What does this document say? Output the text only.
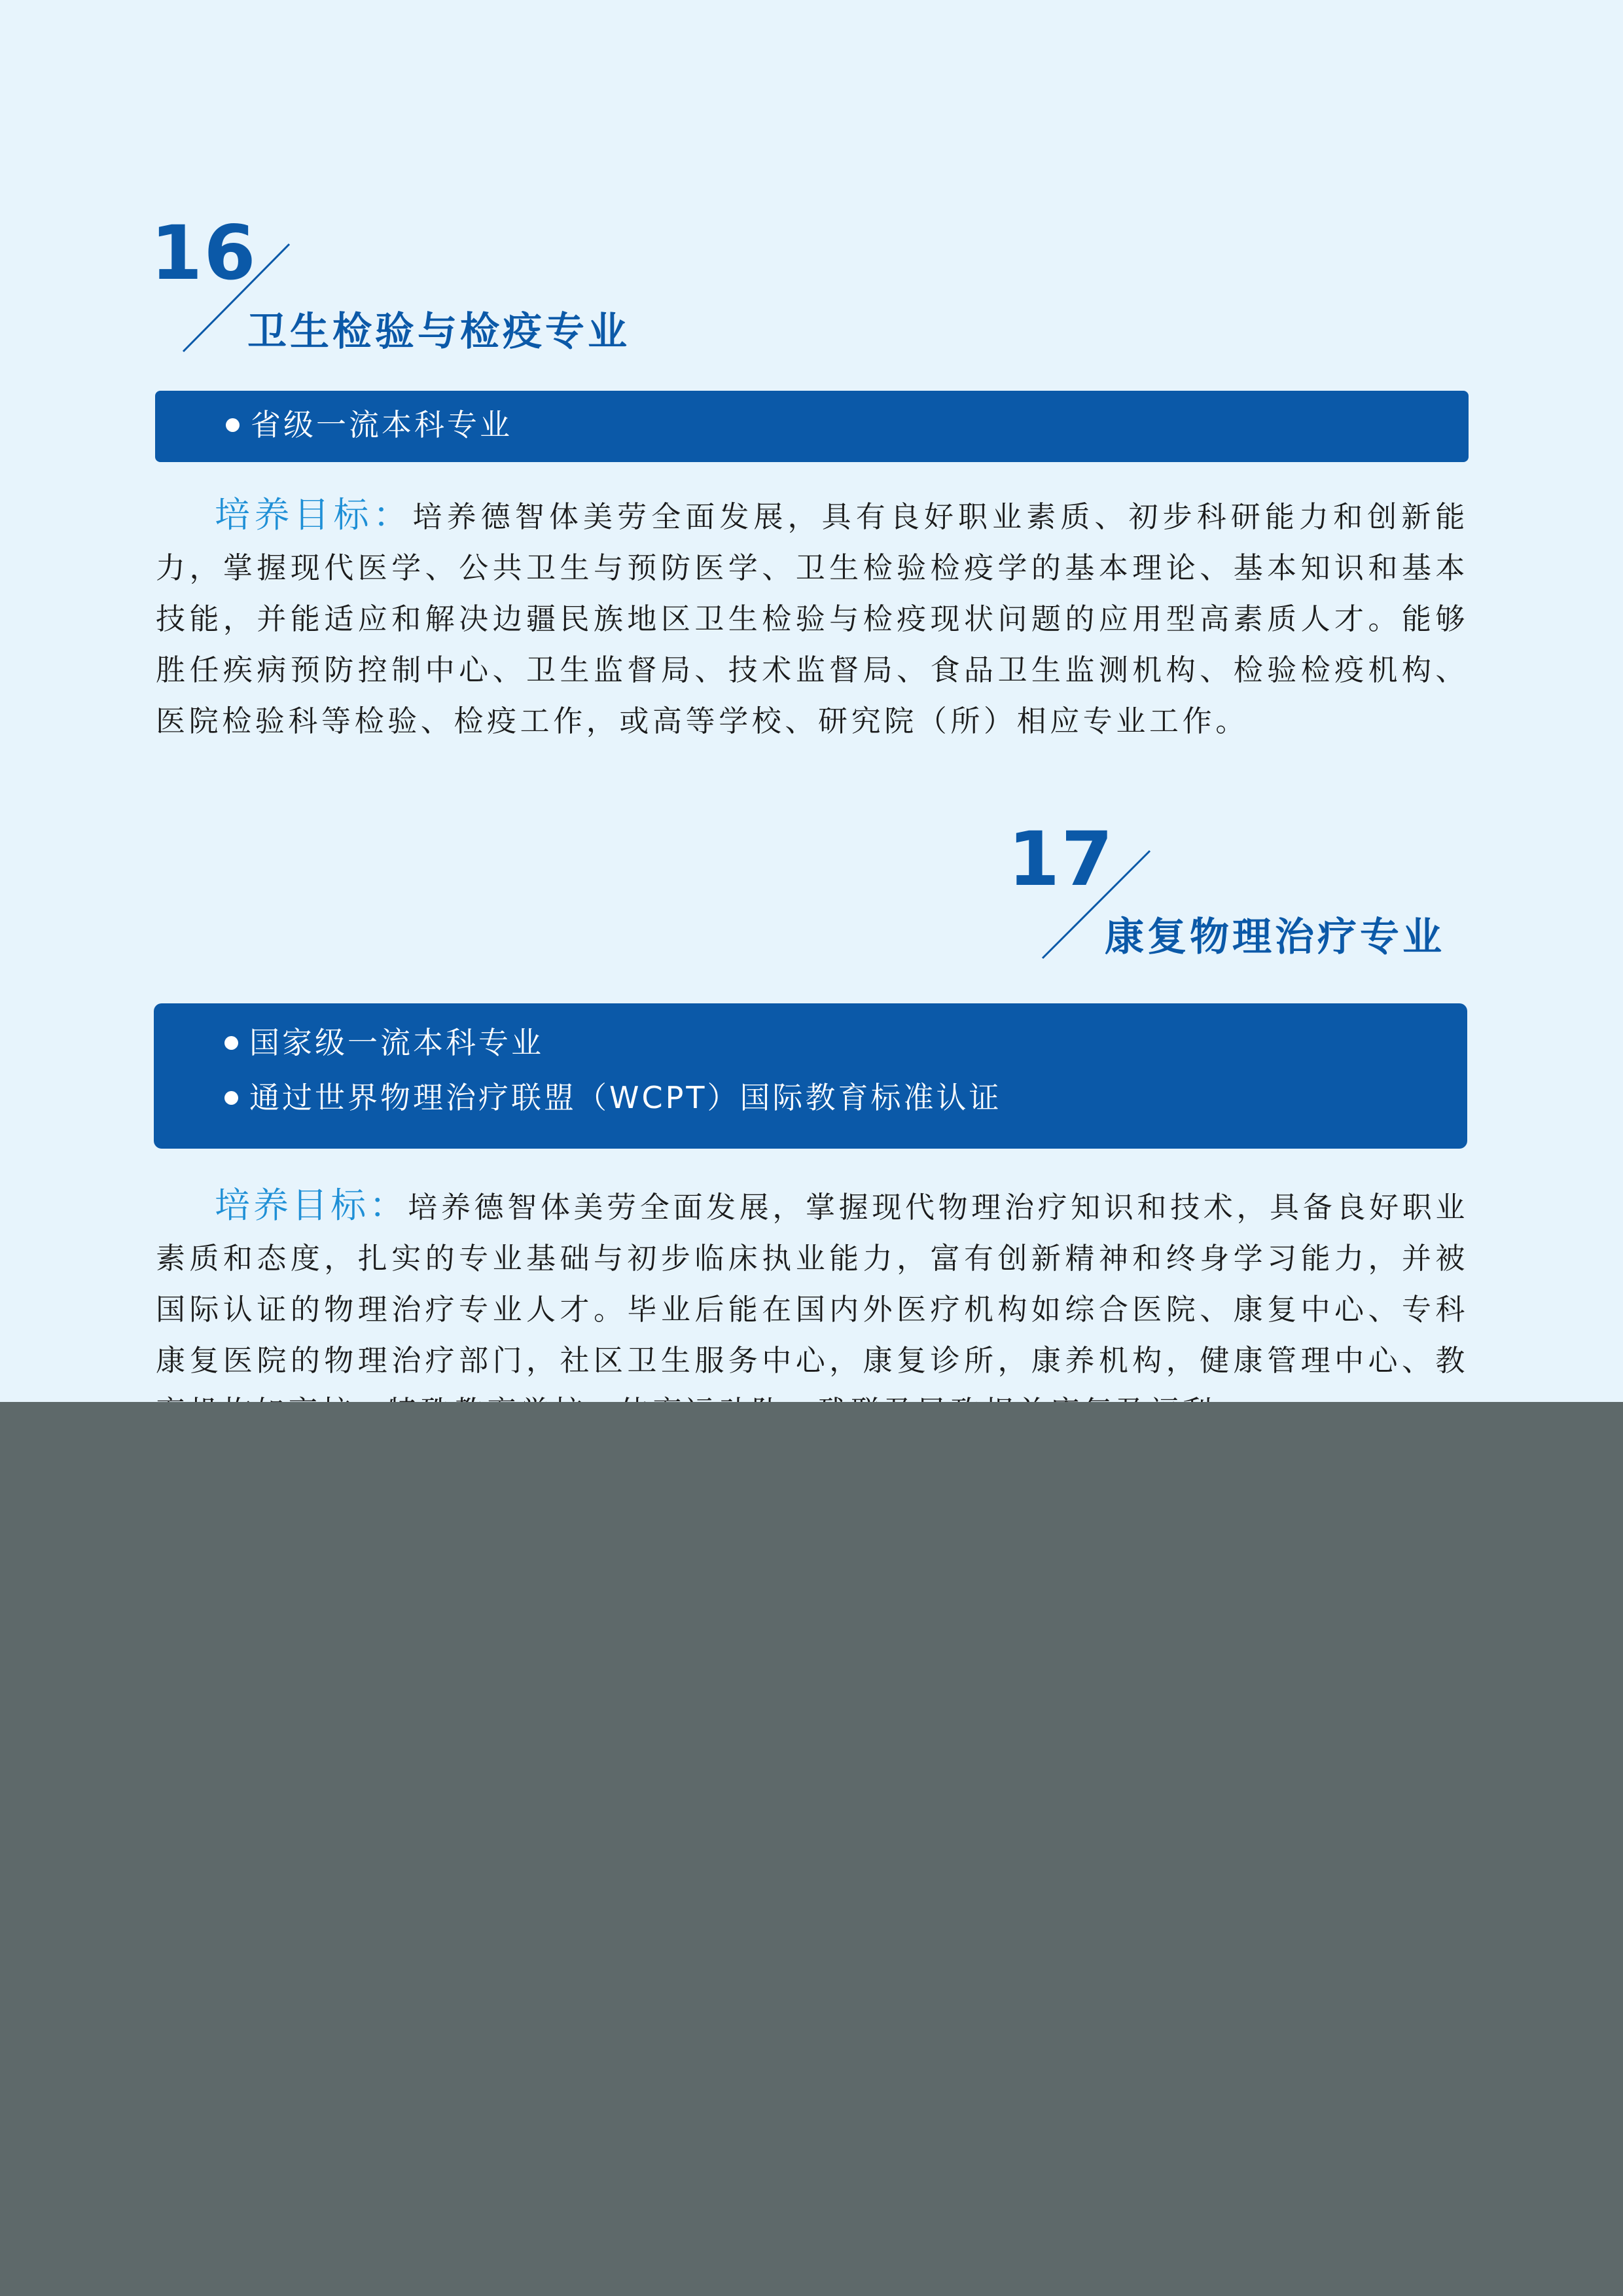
16
卫生检验与检疫专业
省级一流本科专业

培养目标：培养德智体美劳全面发展，具有良好职业素质、初步科研能力和创新能力，掌握现代医学、公共卫生与预防医学、卫生检验检疫学的基本理论、基本知识和基本技能，并能适应和解决边疆民族地区卫生检验与检疫现状问题的应用型高素质人才。能够胜任疾病预防控制中心、卫生监督局、技术监督局、食品卫生监测机构、检验检疫机构、医院检验科等检验、检疫工作，或高等学校、研究院（所）相应专业工作。

17
康复物理治疗专业
国家级一流本科专业
通过世界物理治疗联盟（WCPT）国际教育标准认证

培养目标：培养德智体美劳全面发展，掌握现代物理治疗知识和技术，具备良好职业素质和态度，扎实的专业基础与初步临床执业能力，富有创新精神和终身学习能力，并被国际认证的物理治疗专业人才。毕业后能在国内外医疗机构如综合医院、康复中心、专科康复医院的物理治疗部门，社区卫生服务中心，康复诊所，康养机构，健康管理中心、教
